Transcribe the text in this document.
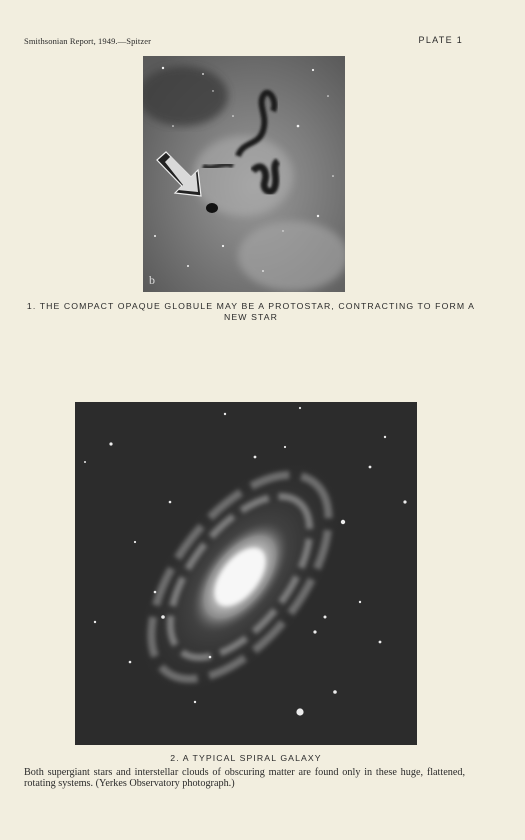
Smithsonian Report, 1949.—Spitzer	PLATE 1
b
1. THE COMPACT OPAQUE GLOBULE MAY BE A PROTOSTAR, CONTRACTING TO FORM A NEW STAR
2. A TYPICAL SPIRAL GALAXY
Both supergiant stars and interstellar clouds of obscuring matter are found only in these huge, flattened, rotating systems. (Yerkes Observatory photograph.)
